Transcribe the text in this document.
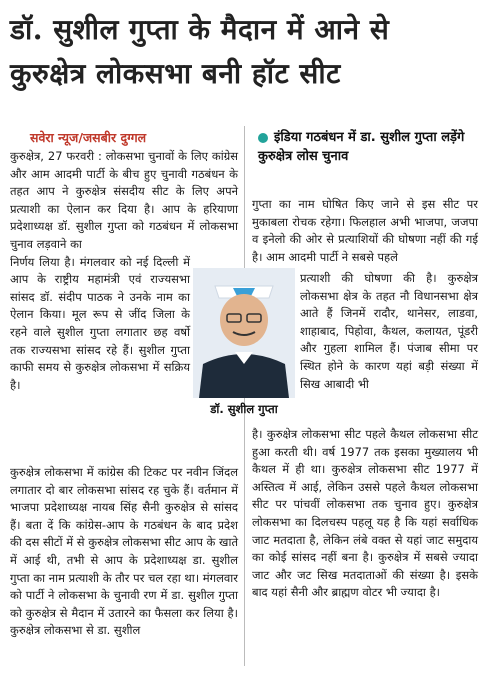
डॉ. सुशील गुप्ता के मैदान में आने से
कुरुक्षेत्र लोकसभा बनी हॉट सीट
सवेरा न्यूज/जसबीर दुग्गल	इंडिया गठबंधन में डा. सुशील गुप्ता लड़ेंगे कुरुक्षेत्र लोस चुनाव

कुरुक्षेत्र, 27 फरवरी : लोकसभा चुनावों के लिए कांग्रेस और आम आदमी पार्टी के बीच हुए चुनावी गठबंधन के तहत आप ने कुरुक्षेत्र संसदीय सीट के लिए अपने प्रत्याशी का ऐलान कर दिया है। आप के हरियाणा प्रदेशाध्यक्ष डॉ. सुशील गुप्ता को गठबंधन में लोकसभा चुनाव लड़वाने का

निर्णय लिया है। मंगलवार को नई दिल्ली में आप के राष्ट्रीय महामंत्री एवं राज्यसभा सांसद डॉ. संदीप पाठक ने उनके नाम का ऐलान किया। मूल रूप से जींद जिला के रहने वाले सुशील गुप्ता लगातार छह वर्षो तक राज्यसभा सांसद रहे हैं। सुशील गुप्ता काफी समय से कुरुक्षेत्र लोकसभा में सक्रिय है।

डॉ. सुशील गुप्ता

कुरुक्षेत्र लोकसभा में कांग्रेस की टिकट पर नवीन जिंदल लगातार दो बार लोकसभा सांसद रह चुके हैं। वर्तमान में भाजपा प्रदेशाध्यक्ष नायब सिंह सैनी कुरुक्षेत्र से सांसद हैं। बता दें कि कांग्रेस-आप के गठबंधन के बाद प्रदेश की दस सीटों में से कुरुक्षेत्र लोकसभा सीट आप के खाते में आई थी, तभी से आप के प्रदेशाध्यक्ष डा. सुशील गुप्ता का नाम प्रत्याशी के तौर पर चल रहा था। मंगलवार को पार्टी ने लोकसभा के चुनावी रण में डा. सुशील गुप्ता को कुरुक्षेत्र से मैदान में उतारने का फैसला कर लिया है। कुरुक्षेत्र लोकसभा से डा. सुशील

गुप्ता का नाम घोषित किए जाने से इस सीट पर मुकाबला रोचक रहेगा। फिलहाल अभी भाजपा, जजपा व इनेलो की ओर से प्रत्याशियों की घोषणा नहीं की गई है। आम आदमी पार्टी ने सबसे पहले

प्रत्याशी की घोषणा की है। कुरुक्षेत्र लोकसभा क्षेत्र के तहत नौ विधानसभा क्षेत्र आते हैं जिनमें रादौर, थानेसर, लाडवा, शाहाबाद, पिहोवा, कैथल, कलायत, पूंडरी और गुहला शामिल हैं। पंजाब सीमा पर स्थित होने के कारण यहां बड़ी संख्या में सिख आबादी भी

है। कुरुक्षेत्र लोकसभा सीट पहले कैथल लोकसभा सीट हुआ करती थी। वर्ष 1977 तक इसका मुख्यालय भी कैथल में ही था। कुरुक्षेत्र लोकसभा सीट 1977 में अस्तित्व में आई, लेकिन उससे पहले कैथल लोकसभा सीट पर पांचवीं लोकसभा तक चुनाव हुए। कुरुक्षेत्र लोकसभा का दिलचस्प पहलू यह है कि यहां सर्वाधिक जाट मतदाता है, लेकिन लंबे वक्त से यहां जाट समुदाय का कोई सांसद नहीं बना है। कुरुक्षेत्र में सबसे ज्यादा जाट और जट सिख मतदाताओं की संख्या है। इसके बाद यहां सैनी और ब्राह्मण वोटर भी ज्यादा है।
